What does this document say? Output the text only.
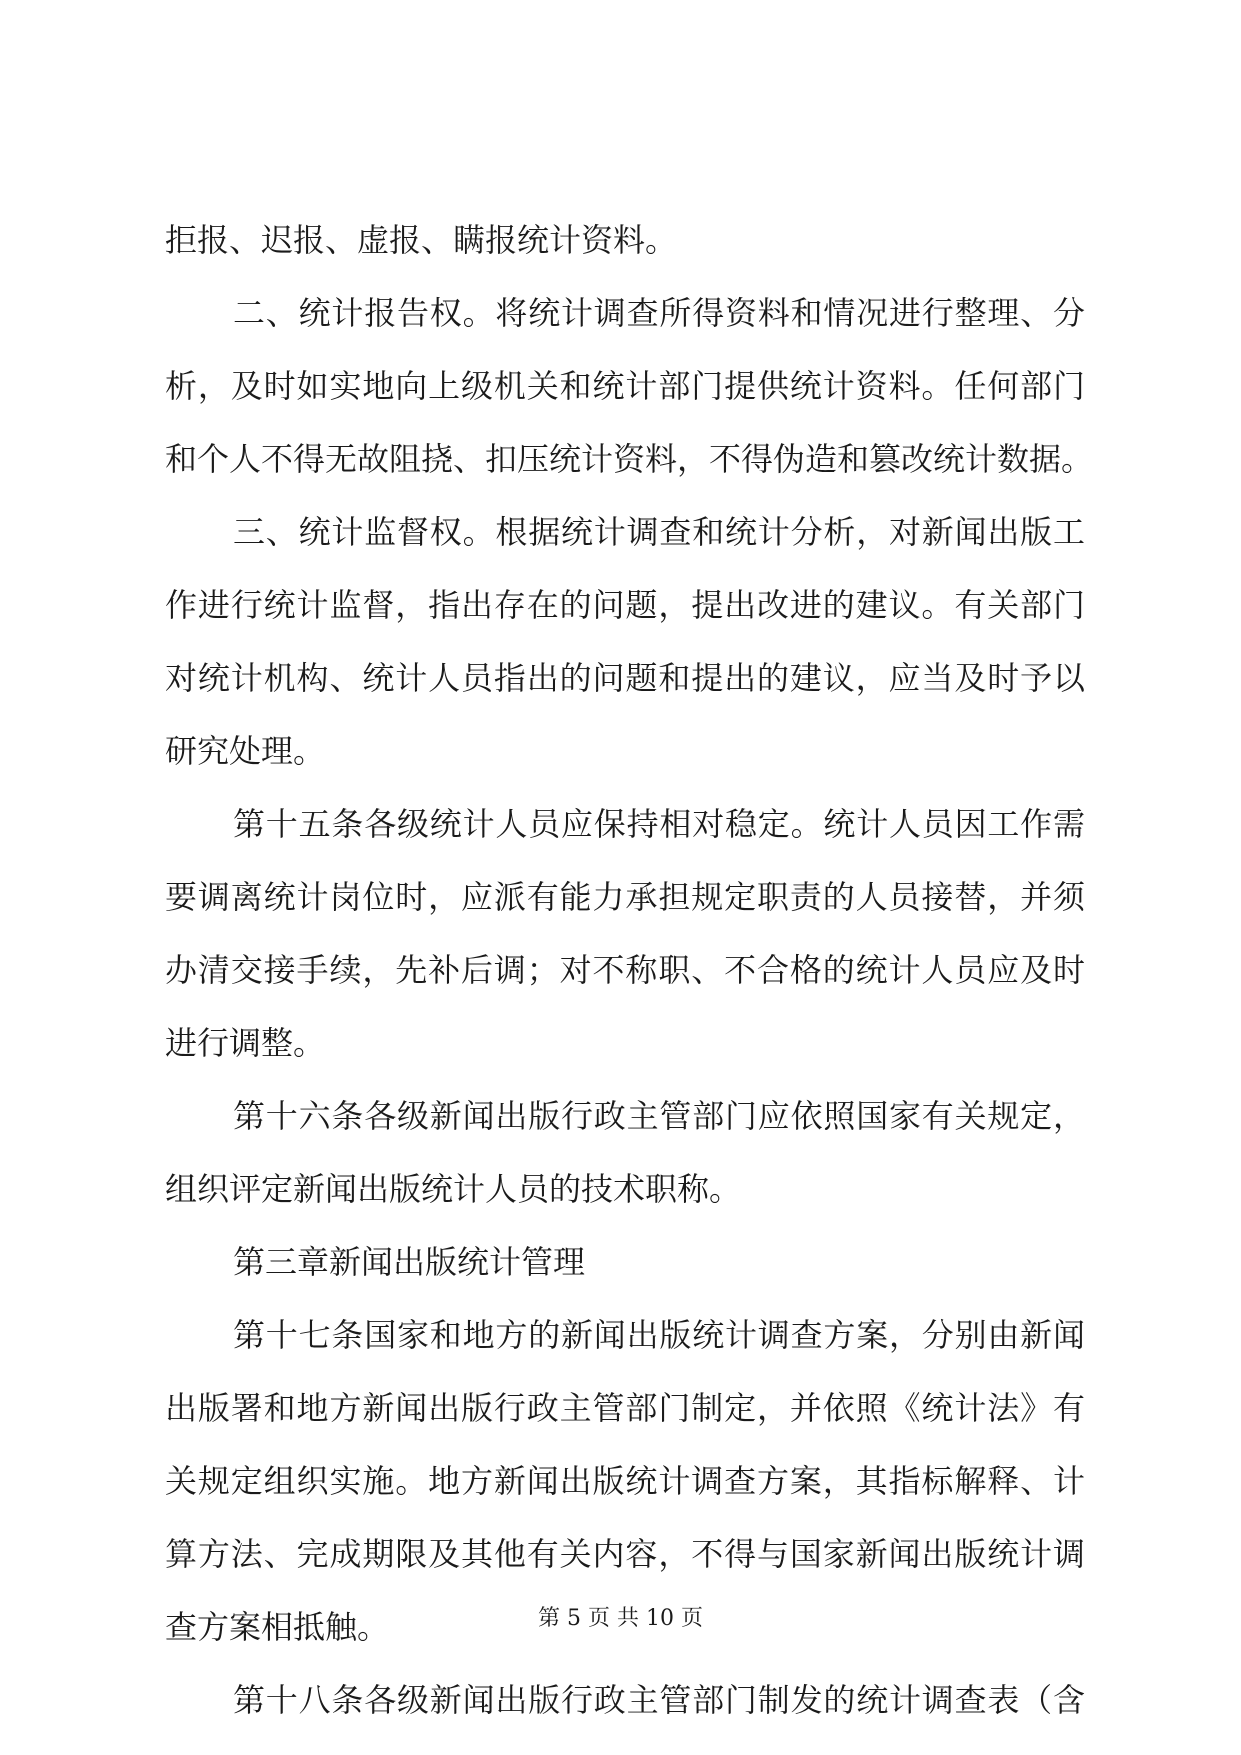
拒报、迟报、虚报、瞒报统计资料。
二、统计报告权。将统计调查所得资料和情况进行整理、分
析，及时如实地向上级机关和统计部门提供统计资料。任何部门
和个人不得无故阻挠、扣压统计资料，不得伪造和篡改统计数据。
三、统计监督权。根据统计调查和统计分析，对新闻出版工
作进行统计监督，指出存在的问题，提出改进的建议。有关部门
对统计机构、统计人员指出的问题和提出的建议，应当及时予以
研究处理。
第十五条各级统计人员应保持相对稳定。统计人员因工作需
要调离统计岗位时，应派有能力承担规定职责的人员接替，并须
办清交接手续，先补后调；对不称职、不合格的统计人员应及时
进行调整。
第十六条各级新闻出版行政主管部门应依照国家有关规定，
组织评定新闻出版统计人员的技术职称。
第三章新闻出版统计管理
第十七条国家和地方的新闻出版统计调查方案，分别由新闻
出版署和地方新闻出版行政主管部门制定，并依照《统计法》有
关规定组织实施。地方新闻出版统计调查方案，其指标解释、计
算方法、完成期限及其他有关内容，不得与国家新闻出版统计调
查方案相抵触。
第十八条各级新闻出版行政主管部门制发的统计调查表（含
第 5 页 共 10 页
